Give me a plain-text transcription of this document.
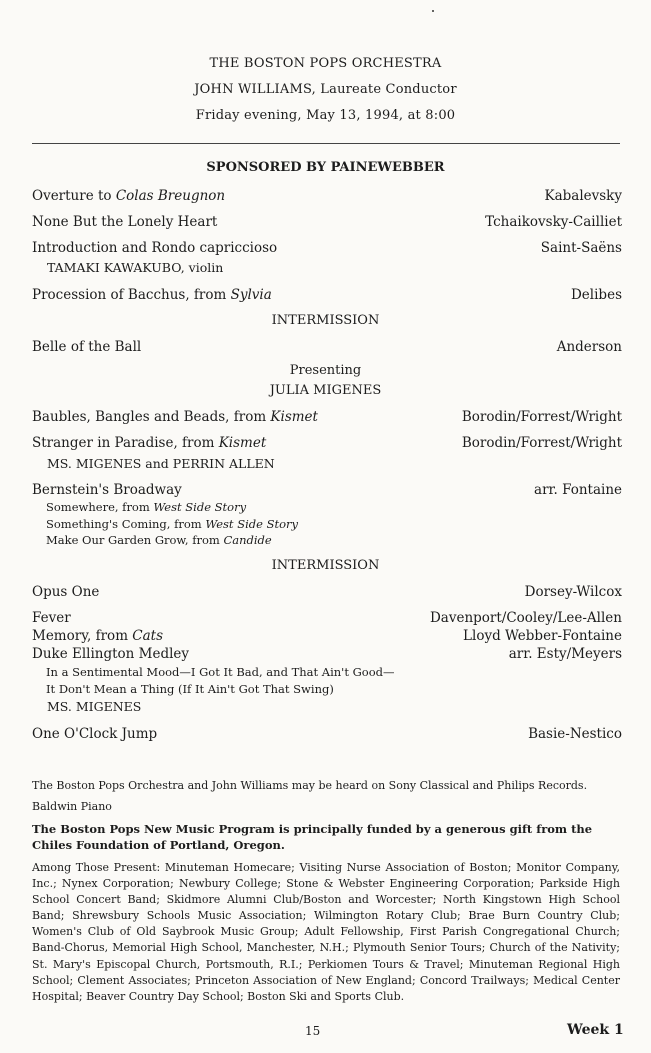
THE BOSTON POPS ORCHESTRA
JOHN WILLIAMS, Laureate Conductor
Friday evening, May 13, 1994, at 8:00
SPONSORED BY PAINEWEBBER
Overture to Colas Breugnon	Kabalevsky
None But the Lonely Heart	Tchaikovsky-Cailliet
Introduction and Rondo capriccioso	Saint-Saëns
TAMAKI KAWAKUBO, violin
Procession of Bacchus, from Sylvia	Delibes
INTERMISSION
Belle of the Ball	Anderson
Presenting
JULIA MIGENES
Baubles, Bangles and Beads, from Kismet	Borodin/Forrest/Wright
Stranger in Paradise, from Kismet	Borodin/Forrest/Wright
MS. MIGENES and PERRIN ALLEN
Bernstein's Broadway	arr. Fontaine
Somewhere, from West Side Story
Something's Coming, from West Side Story
Make Our Garden Grow, from Candide
INTERMISSION
Opus One	Dorsey-Wilcox
Fever	Davenport/Cooley/Lee-Allen
Memory, from Cats	Lloyd Webber-Fontaine
Duke Ellington Medley	arr. Esty/Meyers
In a Sentimental Mood—I Got It Bad, and That Ain't Good—
It Don't Mean a Thing (If It Ain't Got That Swing)
MS. MIGENES
One O'Clock Jump	Basie-Nestico
The Boston Pops Orchestra and John Williams may be heard on Sony Classical and Philips Records.
Baldwin Piano
The Boston Pops New Music Program is principally funded by a generous gift from the Chiles Foundation of Portland, Oregon.
Among Those Present: Minuteman Homecare; Visiting Nurse Association of Boston; Monitor Company, Inc.; Nynex Corporation; Newbury College; Stone & Webster Engineering Corporation; Parkside High School Concert Band; Skidmore Alumni Club/Boston and Worcester; North Kingstown High School Band; Shrewsbury Schools Music Association; Wilmington Rotary Club; Brae Burn Country Club; Women's Club of Old Saybrook Music Group; Adult Fellowship, First Parish Congregational Church; Band-Chorus, Memorial High School, Manchester, N.H.; Plymouth Senior Tours; Church of the Nativity; St. Mary's Episcopal Church, Portsmouth, R.I.; Perkiomen Tours & Travel; Minuteman Regional High School; Clement Associates; Princeton Association of New England; Concord Trailways; Medical Center Hospital; Beaver Country Day School; Boston Ski and Sports Club.
15	Week 1
